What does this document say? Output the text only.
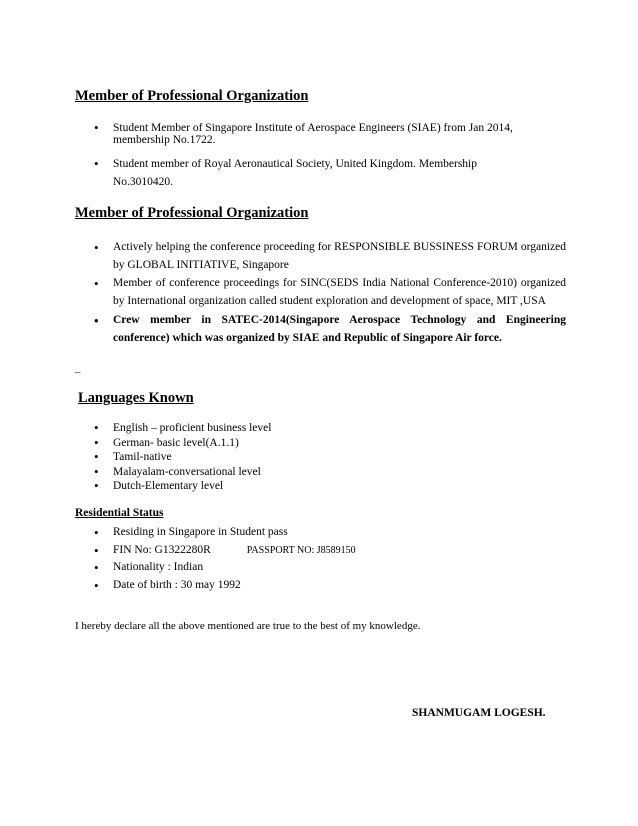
Member of Professional Organization
• Student Member of Singapore Institute of Aerospace Engineers (SIAE) from Jan 2014, membership No.1722.
• Student member of Royal Aeronautical Society, United Kingdom. Membership No.3010420.
Member of Professional Organization
• Actively helping the conference proceeding for RESPONSIBLE BUSSINESS FORUM organized by GLOBAL INITIATIVE, Singapore
• Member of conference proceedings for SINC(SEDS India National Conference-2010) organized by International organization called student exploration and development of space, MIT ,USA
• Crew member in SATEC-2014(Singapore Aerospace Technology and Engineering conference) which was organized by SIAE and Republic of Singapore Air force.
–
Languages Known
• English – proficient business level
• German- basic level(A.1.1)
• Tamil-native
• Malayalam-conversational level
• Dutch-Elementary level
Residential Status
• Residing in Singapore in Student pass
• FIN No: G1322280R	PASSPORT NO: J8589150
• Nationality : Indian
• Date of birth : 30 may 1992

I hereby declare all the above mentioned are true to the best of my knowledge.

SHANMUGAM LOGESH.
